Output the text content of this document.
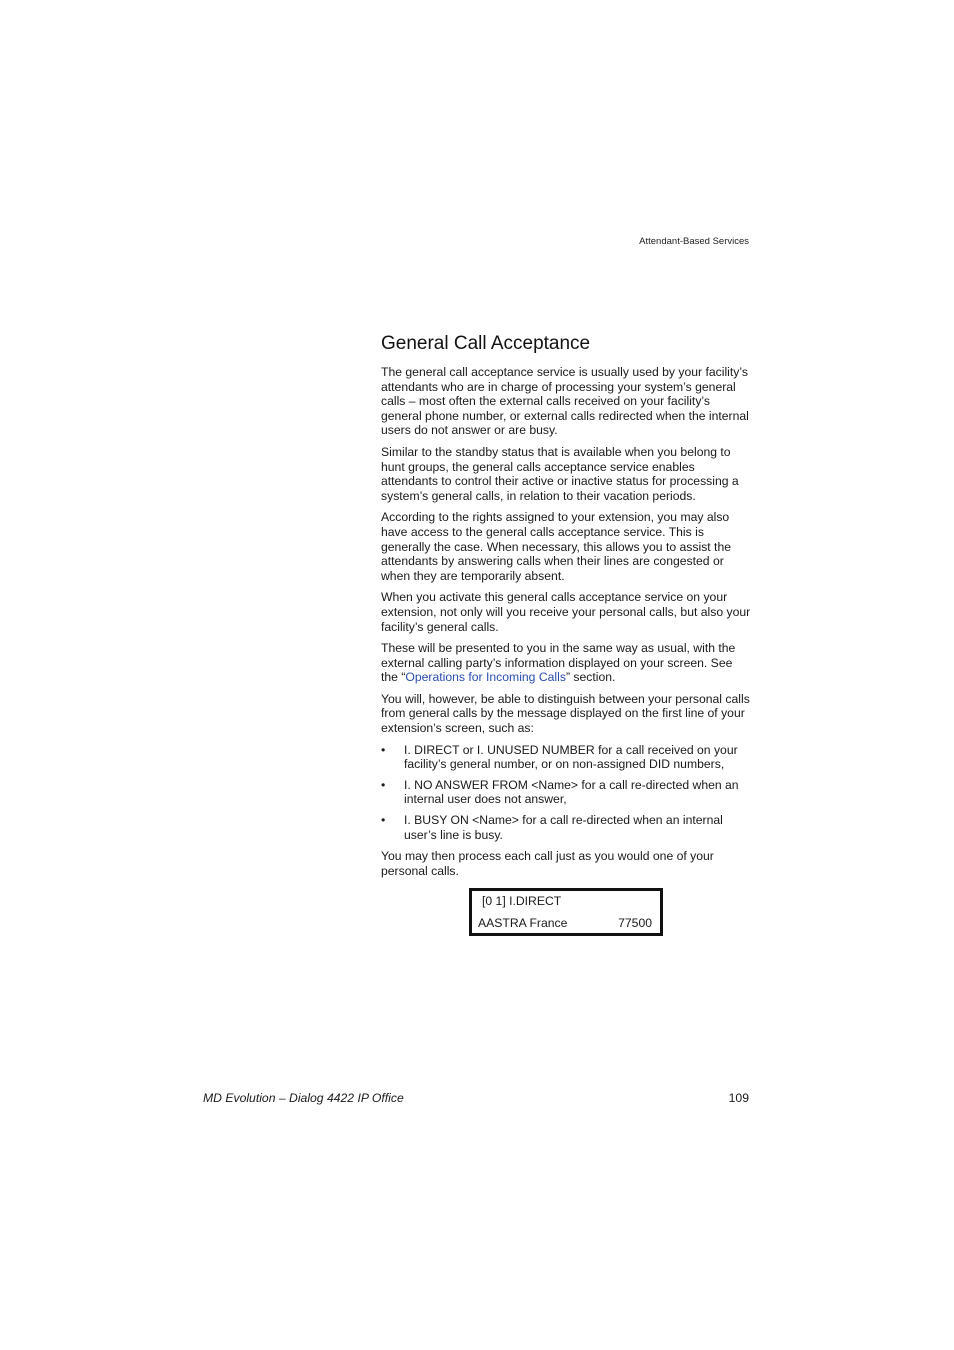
Attendant-Based Services
General Call Acceptance

The general call acceptance service is usually used by your facility’s attendants who are in charge of processing your system’s general calls – most often the external calls received on your facility’s general phone number, or external calls redirected when the internal users do not answer or are busy.

Similar to the standby status that is available when you belong to hunt groups, the general calls acceptance service enables attendants to control their active or inactive status for processing a system’s general calls, in relation to their vacation periods.

According to the rights assigned to your extension, you may also have access to the general calls acceptance service. This is generally the case. When necessary, this allows you to assist the attendants by answering calls when their lines are congested or when they are temporarily absent.

When you activate this general calls acceptance service on your extension, not only will you receive your personal calls, but also your facility’s general calls.

These will be presented to you in the same way as usual, with the external calling party’s information displayed on your screen. See the “Operations for Incoming Calls” section.

You will, however, be able to distinguish between your personal calls from general calls by the message displayed on the first line of your extension’s screen, such as:

• I. DIRECT or I. UNUSED NUMBER for a call received on your facility’s general number, or on non-assigned DID numbers,
• I. NO ANSWER FROM <Name> for a call re-directed when an internal user does not answer,
• I. BUSY ON <Name> for a call re-directed when an internal user’s line is busy.

You may then process each call just as you would one of your personal calls.

[0 1] I.DIRECT
AASTRA France	77500
MD Evolution – Dialog 4422 IP Office	109
